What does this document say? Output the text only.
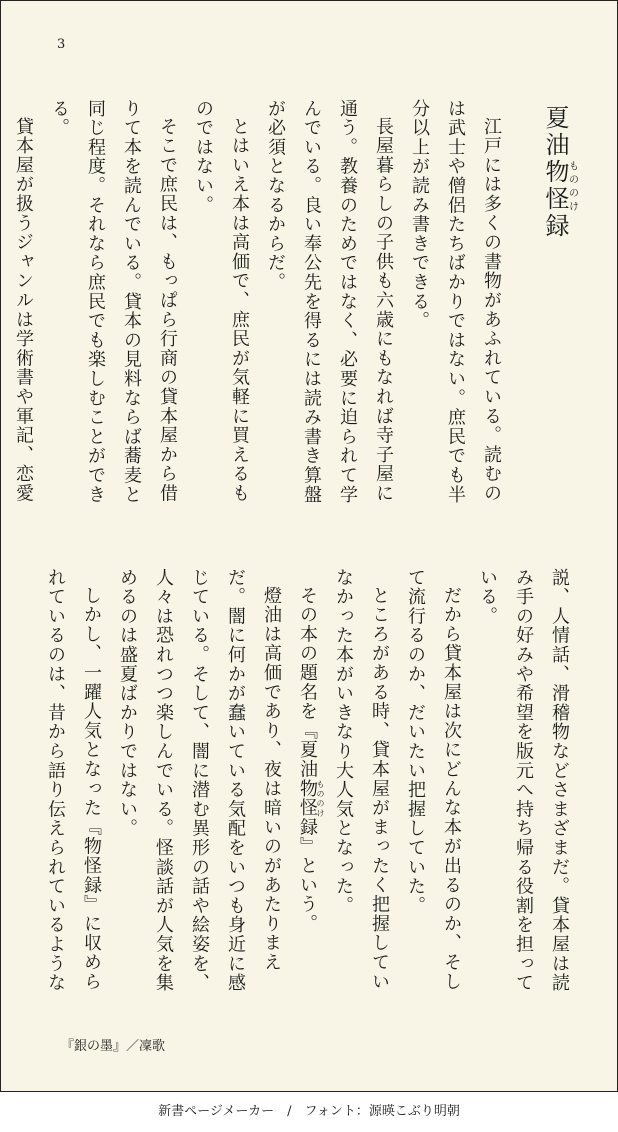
3
夏油物怪もののけ録
江戸には多くの書物があふれている。読むのは武士や僧侶たちばかりではない。庶民でも半分以上が読み書きできる。
長屋暮らしの子供も六歳にもなれば寺子屋に通う。教養のためではなく、必要に迫られて学んでいる。良い奉公先を得るには読み書き算盤が必須となるからだ。
とはいえ本は高価で、庶民が気軽に買えるものではない。
そこで庶民は、もっぱら行商の貸本屋から借りて本を読んでいる。貸本の見料ならば蕎麦と同じ程度。それなら庶民でも楽しむことができる。
貸本屋が扱うジャンルは学術書や軍記、恋愛
説、人情話、滑稽物などさまざまだ。貸本屋は読み手の好みや希望を版元へ持ち帰る役割を担っている。
だから貸本屋は次にどんな本が出るのか、そして流行るのか、だいたい把握していた。
ところがある時、貸本屋がまったく把握していなかった本がいきなり大人気となった。
その本の題名を『夏油物怪もののけ録』という。
燈油は高価であり、夜は暗いのがあたりまえだ。闇に何かが蠢いている気配をいつも身近に感じている。そして、闇に潜む異形の話や絵姿を、人々は恐れつつ楽しんでいる。怪談話が人気を集めるのは盛夏ばかりではない。
しかし、一躍人気となった『物怪録』に収められているのは、昔から語り伝えられているような
『銀の墨』／凜歌
新書ページメーカー　/　フォント：源暎こぶり明朝
